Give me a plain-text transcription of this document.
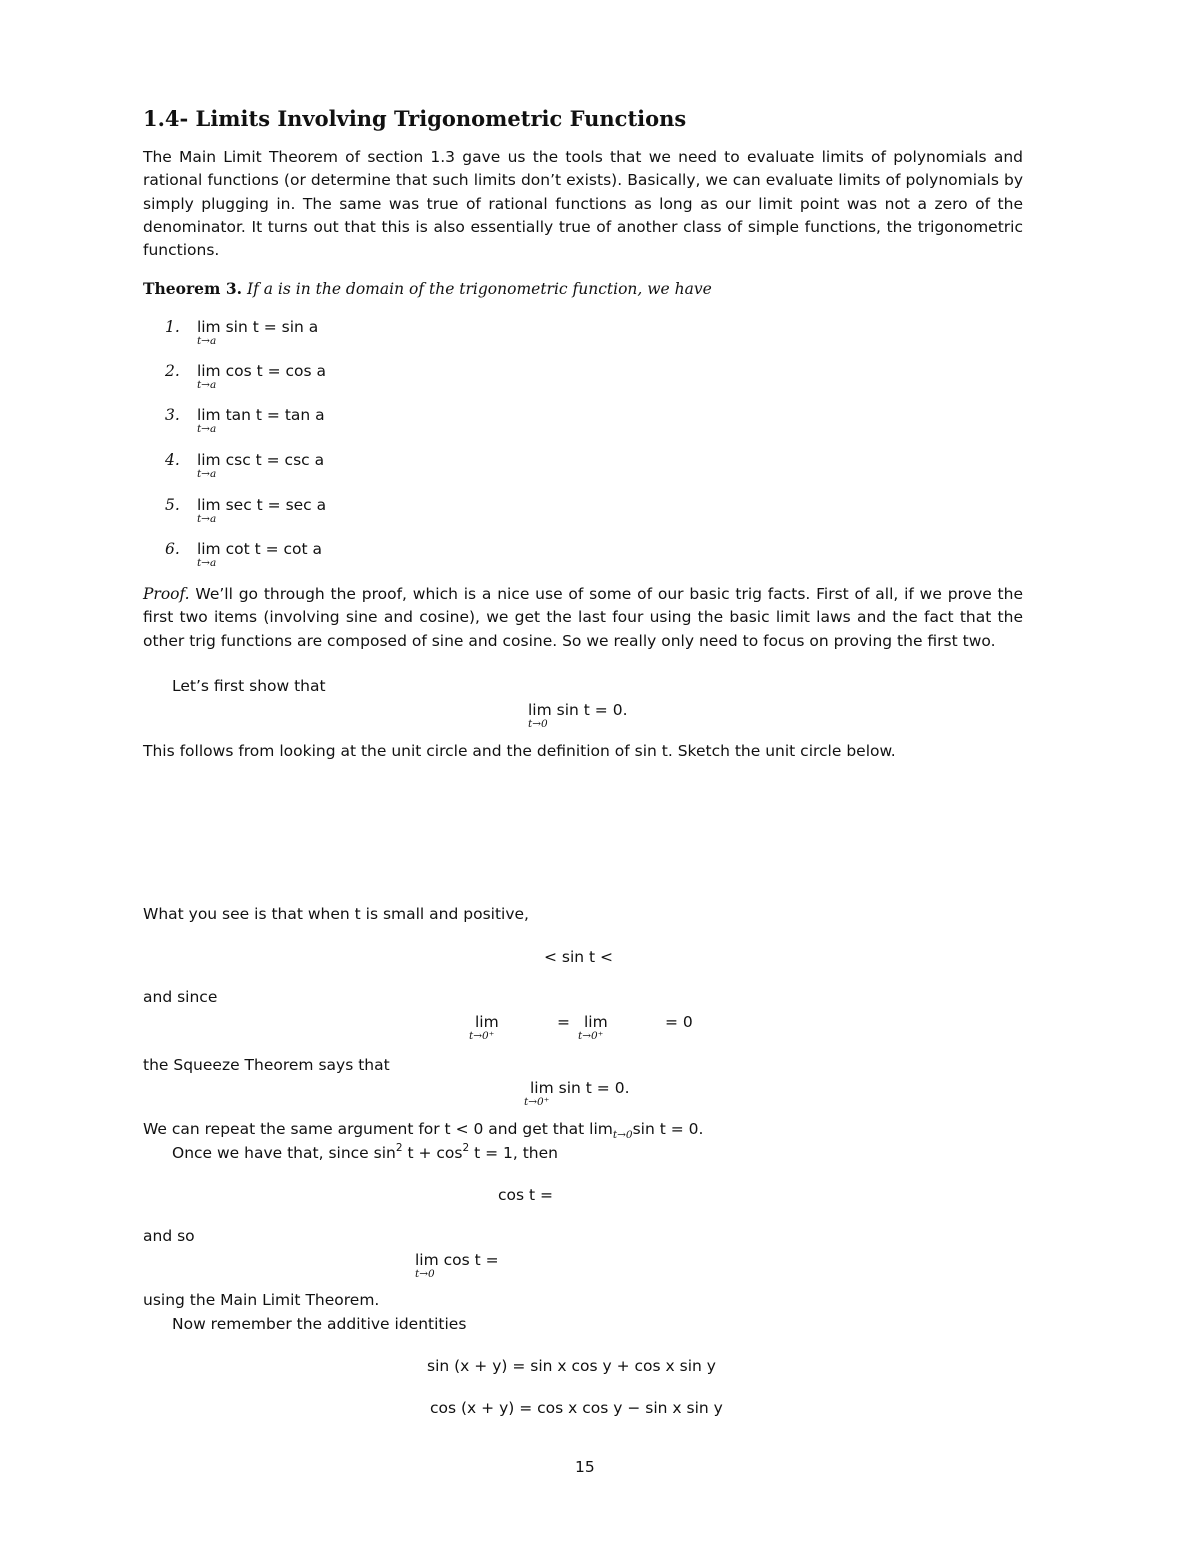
1.4- Limits Involving Trigonometric Functions
The Main Limit Theorem of section 1.3 gave us the tools that we need to evaluate limits of polynomials and rational functions (or determine that such limits don’t exists). Basically, we can evaluate limits of polynomials by simply plugging in. The same was true of rational functions as long as our limit point was not a zero of the denominator. It turns out that this is also essentially true of another class of simple functions, the trigonometric functions.
Theorem 3. If a is in the domain of the trigonometric function, we have
1. lim
t→a
sin t = sin a
2. lim
t→a
cos t = cos a
3. lim
t→a
tan t = tan a
4. lim
t→a
csc t = csc a
5. lim
t→a
sec t = sec a
6. lim
t→a
cot t = cot a
Proof. We’ll go through the proof, which is a nice use of some of our basic trig facts. First of all, if we prove the first two items (involving sine and cosine), we get the last four using the basic limit laws and the fact that the other trig functions are composed of sine and cosine. So we really only need to focus on proving the first two.
Let’s first show that
lim
t→0
sin t = 0.
This follows from looking at the unit circle and the definition of sin t. Sketch the unit circle below.
What you see is that when t is small and positive,
< sin t <
and since
lim
t→0⁺
= lim
t→0⁺
= 0
the Squeeze Theorem says that
lim
t→0⁺
sin t = 0.
We can repeat the same argument for t < 0 and get that $\lim_{t\to 0}\sin$ t = 0.
Once we have that, since $\sin^2 t + \cos^2 t = 1$, then
cos t =
and so
lim
t→0
cos t =
using the Main Limit Theorem.
Now remember the additive identities
sin (x + y) = sin x cos y + cos x sin y
cos (x + y) = cos x cos y − sin x sin y
15
